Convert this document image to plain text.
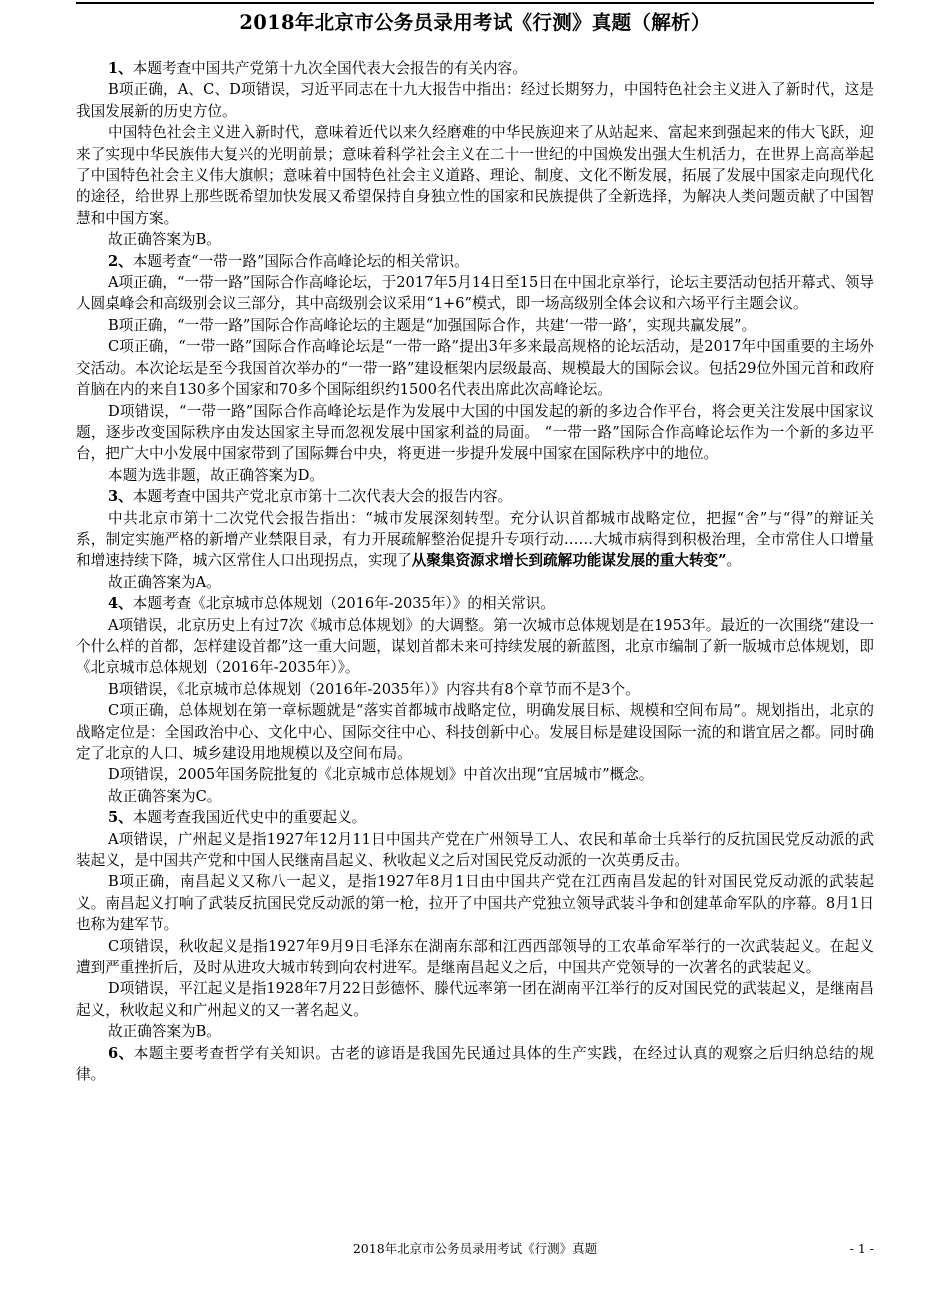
2018年北京市公务员录用考试《行测》真题（解析）

1、本题考查中国共产党第十九次全国代表大会报告的有关内容。

B项正确，A、C、D项错误，习近平同志在十九大报告中指出：经过长期努力，中国特色社会主义进入了新时代，这是我国发展新的历史方位。

中国特色社会主义进入新时代，意味着近代以来久经磨难的中华民族迎来了从站起来、富起来到强起来的伟大飞跃，迎来了实现中华民族伟大复兴的光明前景；意味着科学社会主义在二十一世纪的中国焕发出强大生机活力，在世界上高高举起了中国特色社会主义伟大旗帜；意味着中国特色社会主义道路、理论、制度、文化不断发展，拓展了发展中国家走向现代化的途径，给世界上那些既希望加快发展又希望保持自身独立性的国家和民族提供了全新选择，为解决人类问题贡献了中国智慧和中国方案。

故正确答案为B。

2、本题考查“一带一路”国际合作高峰论坛的相关常识。

A项正确，“一带一路”国际合作高峰论坛，于2017年5月14日至15日在中国北京举行，论坛主要活动包括开幕式、领导人圆桌峰会和高级别会议三部分，其中高级别会议采用“1+6”模式，即一场高级别全体会议和六场平行主题会议。

B项正确，“一带一路”国际合作高峰论坛的主题是“加强国际合作，共建‘一带一路’，实现共赢发展”。

C项正确，“一带一路”国际合作高峰论坛是“一带一路”提出3年多来最高规格的论坛活动，是2017年中国重要的主场外交活动。本次论坛是至今我国首次举办的“一带一路”建设框架内层级最高、规模最大的国际会议。包括29位外国元首和政府首脑在内的来自130多个国家和70多个国际组织约1500名代表出席此次高峰论坛。

D项错误，“一带一路”国际合作高峰论坛是作为发展中大国的中国发起的新的多边合作平台，将会更关注发展中国家议题，逐步改变国际秩序由发达国家主导而忽视发展中国家利益的局面。 “一带一路”国际合作高峰论坛作为一个新的多边平台，把广大中小发展中国家带到了国际舞台中央，将更进一步提升发展中国家在国际秩序中的地位。

本题为选非题，故正确答案为D。

3、本题考查中国共产党北京市第十二次代表大会的报告内容。

中共北京市第十二次党代会报告指出：“城市发展深刻转型。充分认识首都城市战略定位，把握“舍”与“得”的辩证关系，制定实施严格的新增产业禁限目录，有力开展疏解整治促提升专项行动……大城市病得到积极治理，全市常住人口增量和增速持续下降，城六区常住人口出现拐点，实现了从聚集资源求增长到疏解功能谋发展的重大转变”。

故正确答案为A。

4、本题考查《北京城市总体规划（2016年-2035年）》的相关常识。

A项错误，北京历史上有过7次《城市总体规划》的大调整。第一次城市总体规划是在1953年。最近的一次围绕“建设一个什么样的首都，怎样建设首都”这一重大问题，谋划首都未来可持续发展的新蓝图，北京市编制了新一版城市总体规划，即《北京城市总体规划（2016年-2035年）》。

B项错误，《北京城市总体规划（2016年-2035年）》内容共有8个章节而不是3个。

C项正确，总体规划在第一章标题就是“落实首都城市战略定位，明确发展目标、规模和空间布局”。规划指出，北京的战略定位是：全国政治中心、文化中心、国际交往中心、科技创新中心。发展目标是建设国际一流的和谐宜居之都。同时确定了北京的人口、城乡建设用地规模以及空间布局。

D项错误，2005年国务院批复的《北京城市总体规划》中首次出现“宜居城市”概念。

故正确答案为C。

5、本题考查我国近代史中的重要起义。

A项错误，广州起义是指1927年12月11日中国共产党在广州领导工人、农民和革命士兵举行的反抗国民党反动派的武装起义，是中国共产党和中国人民继南昌起义、秋收起义之后对国民党反动派的一次英勇反击。

B项正确，南昌起义又称八一起义，是指1927年8月1日由中国共产党在江西南昌发起的针对国民党反动派的武装起义。南昌起义打响了武装反抗国民党反动派的第一枪，拉开了中国共产党独立领导武装斗争和创建革命军队的序幕。8月1日也称为建军节。

C项错误，秋收起义是指1927年9月9日毛泽东在湖南东部和江西西部领导的工农革命军举行的一次武装起义。在起义遭到严重挫折后，及时从进攻大城市转到向农村进军。是继南昌起义之后，中国共产党领导的一次著名的武装起义。

D项错误，平江起义是指1928年7月22日彭德怀、滕代远率第一团在湖南平江举行的反对国民党的武装起义，是继南昌起义，秋收起义和广州起义的又一著名起义。

故正确答案为B。

6、本题主要考查哲学有关知识。古老的谚语是我国先民通过具体的生产实践，在经过认真的观察之后归纳总结的规律。

2018年北京市公务员录用考试《行测》真题	- 1 -
